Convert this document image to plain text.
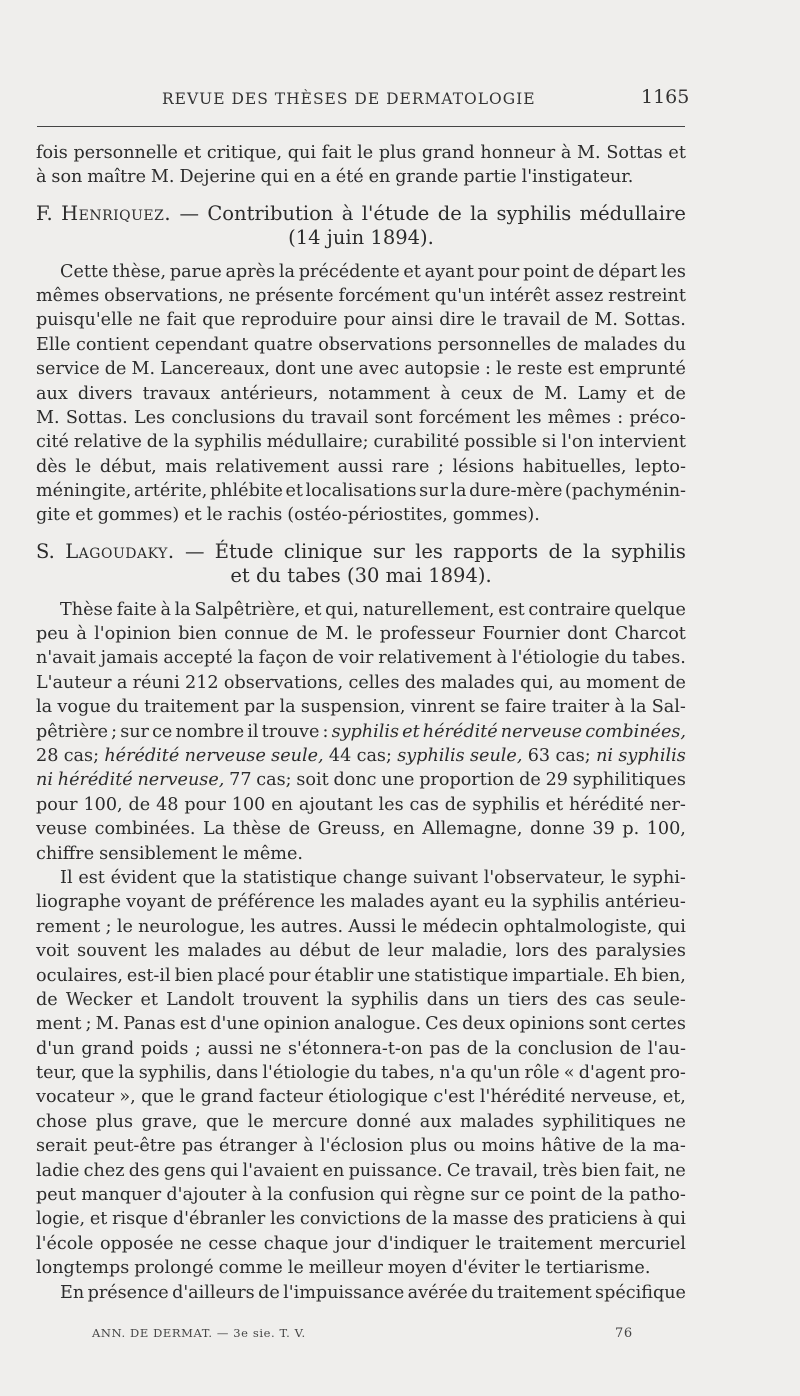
REVUE DES THÈSES DE DERMATOLOGIE	1165
fois personnelle et critique, qui fait le plus grand honneur à M. Sottas et
à son maître M. Dejerine qui en a été en grande partie l'instigateur.
F. Henriquez. — Contribution à l'étude de la syphilis médullaire
(14 juin 1894).
Cette thèse, parue après la précédente et ayant pour point de départ les
mêmes observations, ne présente forcément qu'un intérêt assez restreint
puisqu'elle ne fait que reproduire pour ainsi dire le travail de M. Sottas.
Elle contient cependant quatre observations personnelles de malades du
service de M. Lancereaux, dont une avec autopsie : le reste est emprunté
aux divers travaux antérieurs, notamment à ceux de M. Lamy et de
M. Sottas. Les conclusions du travail sont forcément les mêmes : préco-
cité relative de la syphilis médullaire; curabilité possible si l'on intervient
dès le début, mais relativement aussi rare ; lésions habituelles, lepto-
méningite, artérite, phlébite et localisations sur la dure-mère (pachyménin-
gite et gommes) et le rachis (ostéo-périostites, gommes).
S. Lagoudaky. — Étude clinique sur les rapports de la syphilis
et du tabes (30 mai 1894).
Thèse faite à la Salpêtrière, et qui, naturellement, est contraire quelque
peu à l'opinion bien connue de M. le professeur Fournier dont Charcot
n'avait jamais accepté la façon de voir relativement à l'étiologie du tabes.
L'auteur a réuni 212 observations, celles des malades qui, au moment de
la vogue du traitement par la suspension, vinrent se faire traiter à la Sal-
pêtrière ; sur ce nombre il trouve : syphilis et hérédité nerveuse combinées,
28 cas; hérédité nerveuse seule, 44 cas; syphilis seule, 63 cas; ni syphilis
ni hérédité nerveuse, 77 cas; soit donc une proportion de 29 syphilitiques
pour 100, de 48 pour 100 en ajoutant les cas de syphilis et hérédité ner-
veuse combinées. La thèse de Greuss, en Allemagne, donne 39 p. 100,
chiffre sensiblement le même.
Il est évident que la statistique change suivant l'observateur, le syphi-
liographe voyant de préférence les malades ayant eu la syphilis antérieu-
rement ; le neurologue, les autres. Aussi le médecin ophtalmologiste, qui
voit souvent les malades au début de leur maladie, lors des paralysies
oculaires, est-il bien placé pour établir une statistique impartiale. Eh bien,
de Wecker et Landolt trouvent la syphilis dans un tiers des cas seule-
ment ; M. Panas est d'une opinion analogue. Ces deux opinions sont certes
d'un grand poids ; aussi ne s'étonnera-t-on pas de la conclusion de l'au-
teur, que la syphilis, dans l'étiologie du tabes, n'a qu'un rôle « d'agent pro-
vocateur », que le grand facteur étiologique c'est l'hérédité nerveuse, et,
chose plus grave, que le mercure donné aux malades syphilitiques ne
serait peut-être pas étranger à l'éclosion plus ou moins hâtive de la ma-
ladie chez des gens qui l'avaient en puissance. Ce travail, très bien fait, ne
peut manquer d'ajouter à la confusion qui règne sur ce point de la patho-
logie, et risque d'ébranler les convictions de la masse des praticiens à qui
l'école opposée ne cesse chaque jour d'indiquer le traitement mercuriel
longtemps prolongé comme le meilleur moyen d'éviter le tertiarisme.
En présence d'ailleurs de l'impuissance avérée du traitement spécifique
ANN. DE DERMAT. — 3e sie. T. V.	76
